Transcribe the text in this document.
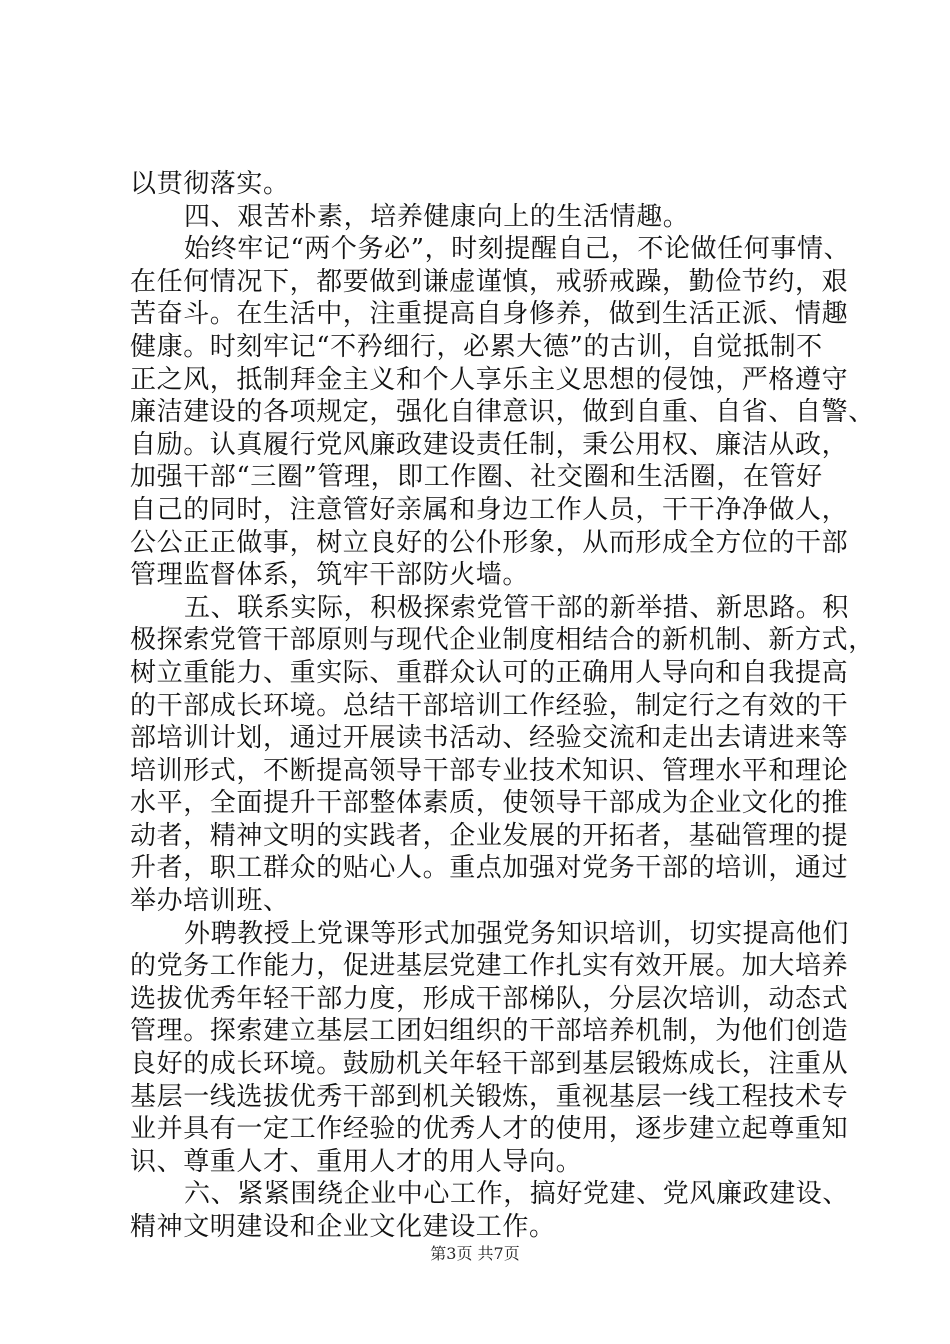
以贯彻落实。
四、艰苦朴素，培养健康向上的生活情趣。
始终牢记“两个务必”，时刻提醒自己，不论做任何事情、
在任何情况下，都要做到谦虚谨慎，戒骄戒躁，勤俭节约，艰
苦奋斗。在生活中，注重提高自身修养，做到生活正派、情趣
健康。时刻牢记“不矜细行，必累大德”的古训，自觉抵制不
正之风，抵制拜金主义和个人享乐主义思想的侵蚀，严格遵守
廉洁建设的各项规定，强化自律意识，做到自重、自省、自警、
自励。认真履行党风廉政建设责任制，秉公用权、廉洁从政，
加强干部“三圈”管理，即工作圈、社交圈和生活圈，在管好
自己的同时，注意管好亲属和身边工作人员，干干净净做人，
公公正正做事，树立良好的公仆形象，从而形成全方位的干部
管理监督体系，筑牢干部防火墙。
五、联系实际，积极探索党管干部的新举措、新思路。积
极探索党管干部原则与现代企业制度相结合的新机制、新方式，
树立重能力、重实际、重群众认可的正确用人导向和自我提高
的干部成长环境。总结干部培训工作经验，制定行之有效的干
部培训计划，通过开展读书活动、经验交流和走出去请进来等
培训形式，不断提高领导干部专业技术知识、管理水平和理论
水平，全面提升干部整体素质，使领导干部成为企业文化的推
动者，精神文明的实践者，企业发展的开拓者，基础管理的提
升者，职工群众的贴心人。重点加强对党务干部的培训，通过
举办培训班、
外聘教授上党课等形式加强党务知识培训，切实提高他们
的党务工作能力，促进基层党建工作扎实有效开展。加大培养
选拔优秀年轻干部力度，形成干部梯队，分层次培训，动态式
管理。探索建立基层工团妇组织的干部培养机制，为他们创造
良好的成长环境。鼓励机关年轻干部到基层锻炼成长，注重从
基层一线选拔优秀干部到机关锻炼，重视基层一线工程技术专
业并具有一定工作经验的优秀人才的使用，逐步建立起尊重知
识、尊重人才、重用人才的用人导向。
六、紧紧围绕企业中心工作，搞好党建、党风廉政建设、
精神文明建设和企业文化建设工作。
第3页 共7页
